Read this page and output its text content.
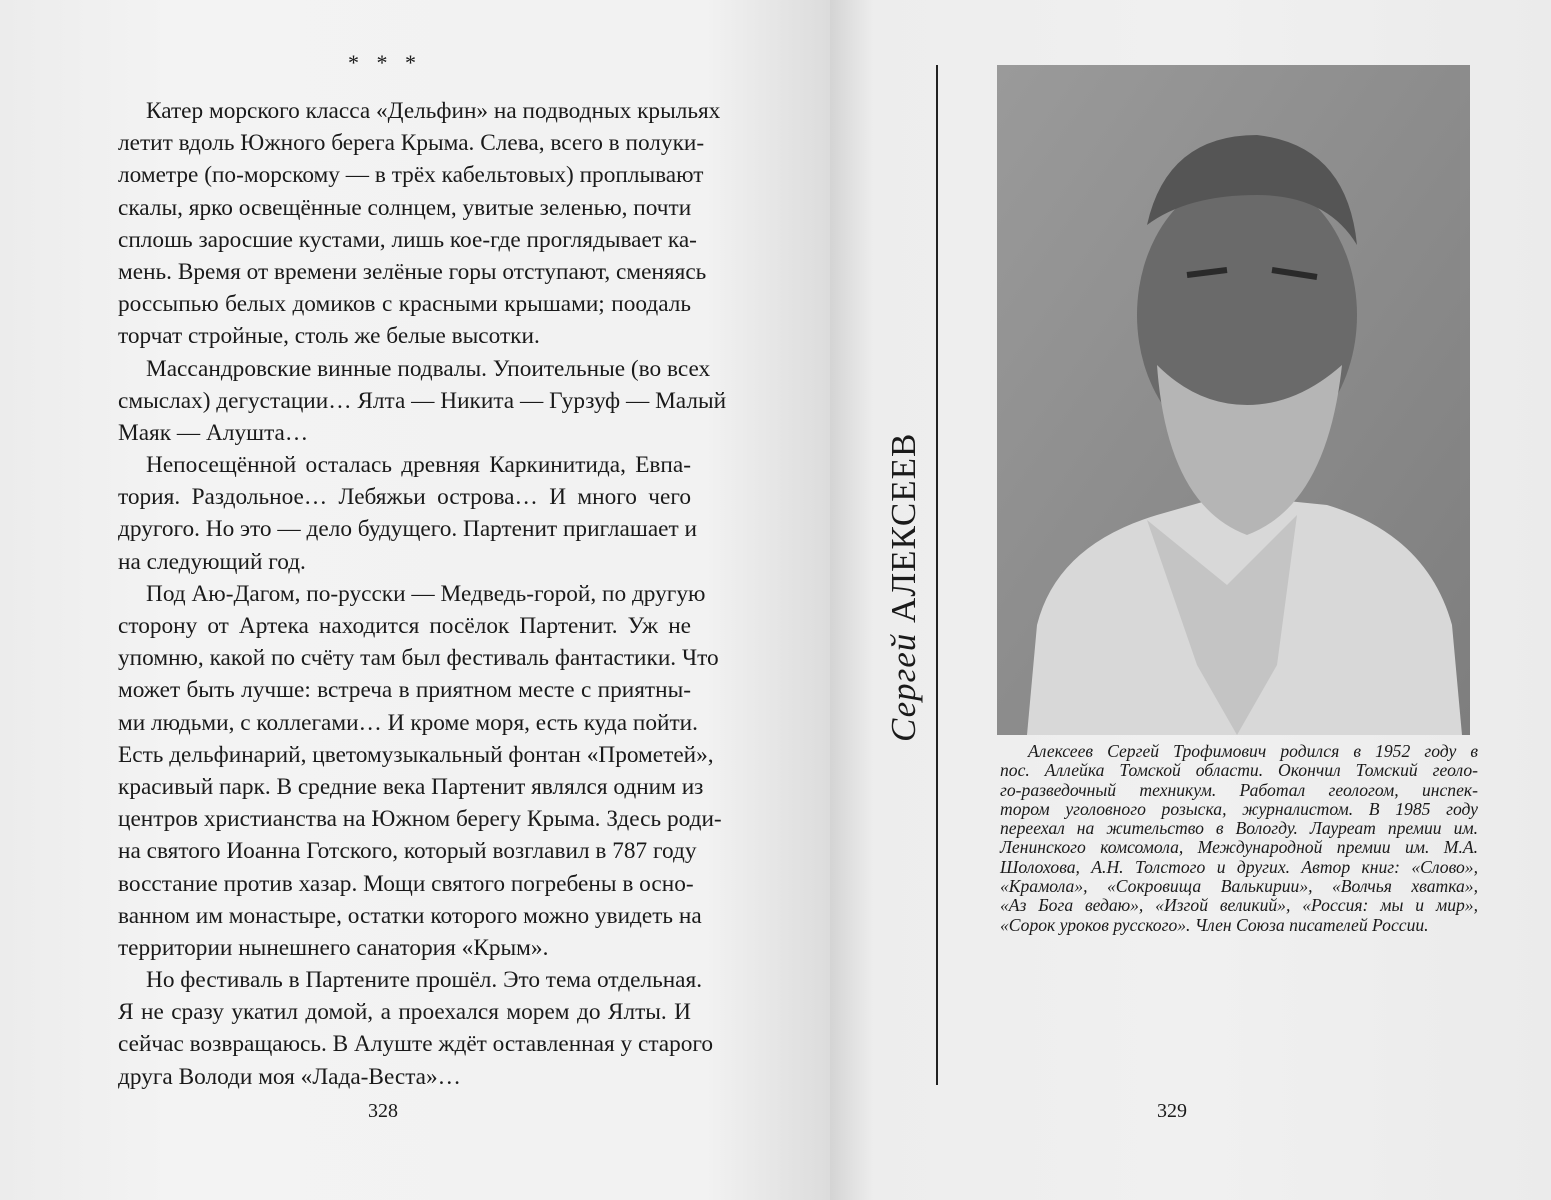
* * *
Катер морского класса «Дельфин» на подводных крыльях
летит вдоль Южного берега Крыма. Слева, всего в полуки-
лометре (по-морскому — в трёх кабельтовых) проплывают
скалы, ярко освещённые солнцем, увитые зеленью, почти
сплошь заросшие кустами, лишь кое-где проглядывает ка-
мень. Время от времени зелёные горы отступают, сменяясь
россыпью белых домиков с красными крышами; поодаль
торчат стройные, столь же белые высотки.
Массандровские винные подвалы. Упоительные (во всех
смыслах) дегустации… Ялта — Никита — Гурзуф — Малый
Маяк — Алушта…
Непосещённой осталась древняя Каркинитида, Евпа-
тория. Раздольное… Лебяжьи острова… И много чего
другого. Но это — дело будущего. Партенит приглашает и
на следующий год.
Под Аю-Дагом, по-русски — Медведь-горой, по другую
сторону от Артека находится посёлок Партенит. Уж не
упомню, какой по счёту там был фестиваль фантастики. Что
может быть лучше: встреча в приятном месте с приятны-
ми людьми, с коллегами… И кроме моря, есть куда пойти.
Есть дельфинарий, цветомузыкальный фонтан «Прометей»,
красивый парк. В средние века Партенит являлся одним из
центров христианства на Южном берегу Крыма. Здесь роди-
на святого Иоанна Готского, который возглавил в 787 году
восстание против хазар. Мощи святого погребены в осно-
ванном им монастыре, остатки которого можно увидеть на
территории нынешнего санатория «Крым».
Но фестиваль в Партените прошёл. Это тема отдельная.
Я не сразу укатил домой, а проехался морем до Ялты. И
сейчас возвращаюсь. В Алуште ждёт оставленная у старого
друга Володи моя «Лада-Веста»…
328
Сергей АЛЕКСЕЕВ
Алексеев Сергей Трофимович родился в 1952 году в
пос. Аллейка Томской области. Окончил Томский геоло-
го-разведочный техникум. Работал геологом, инспек-
тором уголовного розыска, журналистом. В 1985 году
переехал на жительство в Вологду. Лауреат премии им.
Ленинского комсомола, Международной премии им. М.А.
Шолохова, А.Н. Толстого и других. Автор книг: «Слово»,
«Крамола», «Сокровища Валькирии», «Волчья хватка»,
«Аз Бога ведаю», «Изгой великий», «Россия: мы и мир»,
«Сорок уроков русского». Член Союза писателей России.
329
